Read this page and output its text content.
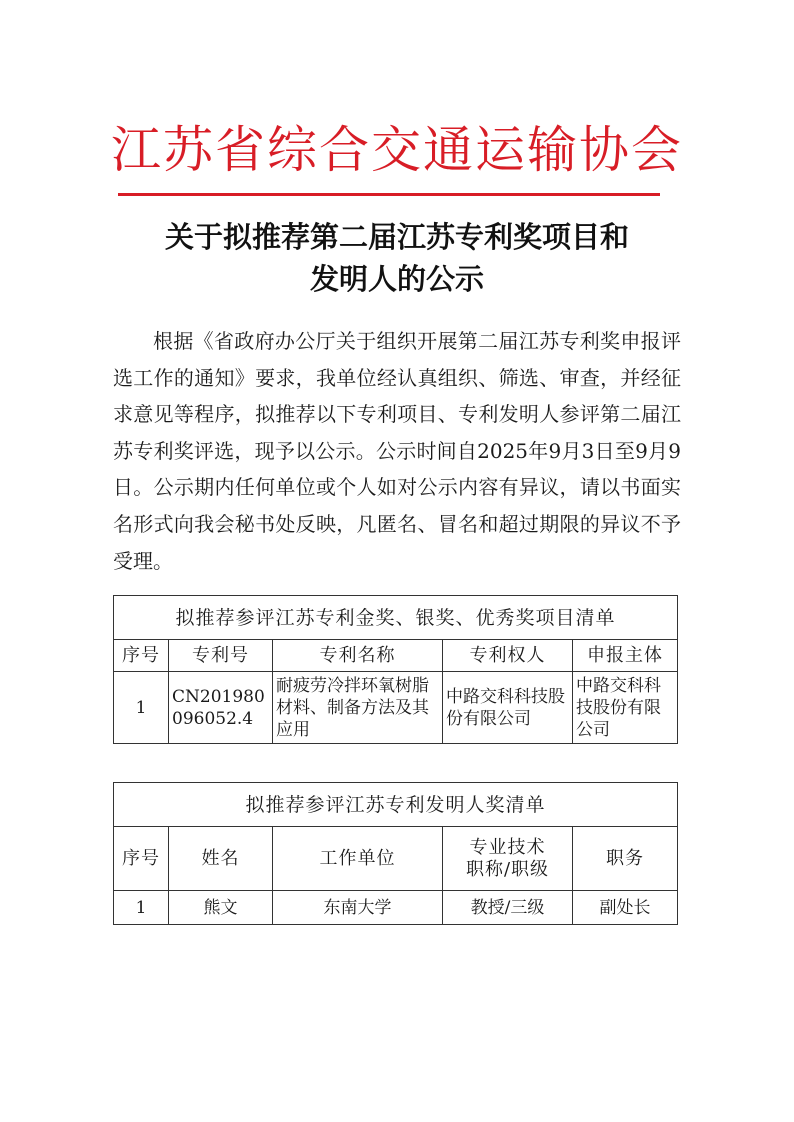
江苏省综合交通运输协会
关于拟推荐第二届江苏专利奖项目和
发明人的公示

根据《省政府办公厅关于组织开展第二届江苏专利奖申报评选工作的通知》要求，我单位经认真组织、筛选、审查，并经征求意见等程序，拟推荐以下专利项目、专利发明人参评第二届江苏专利奖评选，现予以公示。公示时间自2025年9月3日至9月9日。公示期内任何单位或个人如对公示内容有异议，请以书面实名形式向我会秘书处反映，凡匿名、冒名和超过期限的异议不予受理。

拟推荐参评江苏专利金奖、银奖、优秀奖项目清单				
序号	专利号	专利名称	专利权人	申报主体
1	CN201980096052.4	耐疲劳冷拌环氧树脂材料、制备方法及其应用	中路交科科技股份有限公司	中路交科科技股份有限公司
拟推荐参评江苏专利发明人奖清单				
序号	姓名	工作单位	专业技术职称/职级	职务
1	熊文	东南大学	教授/三级	副处长
